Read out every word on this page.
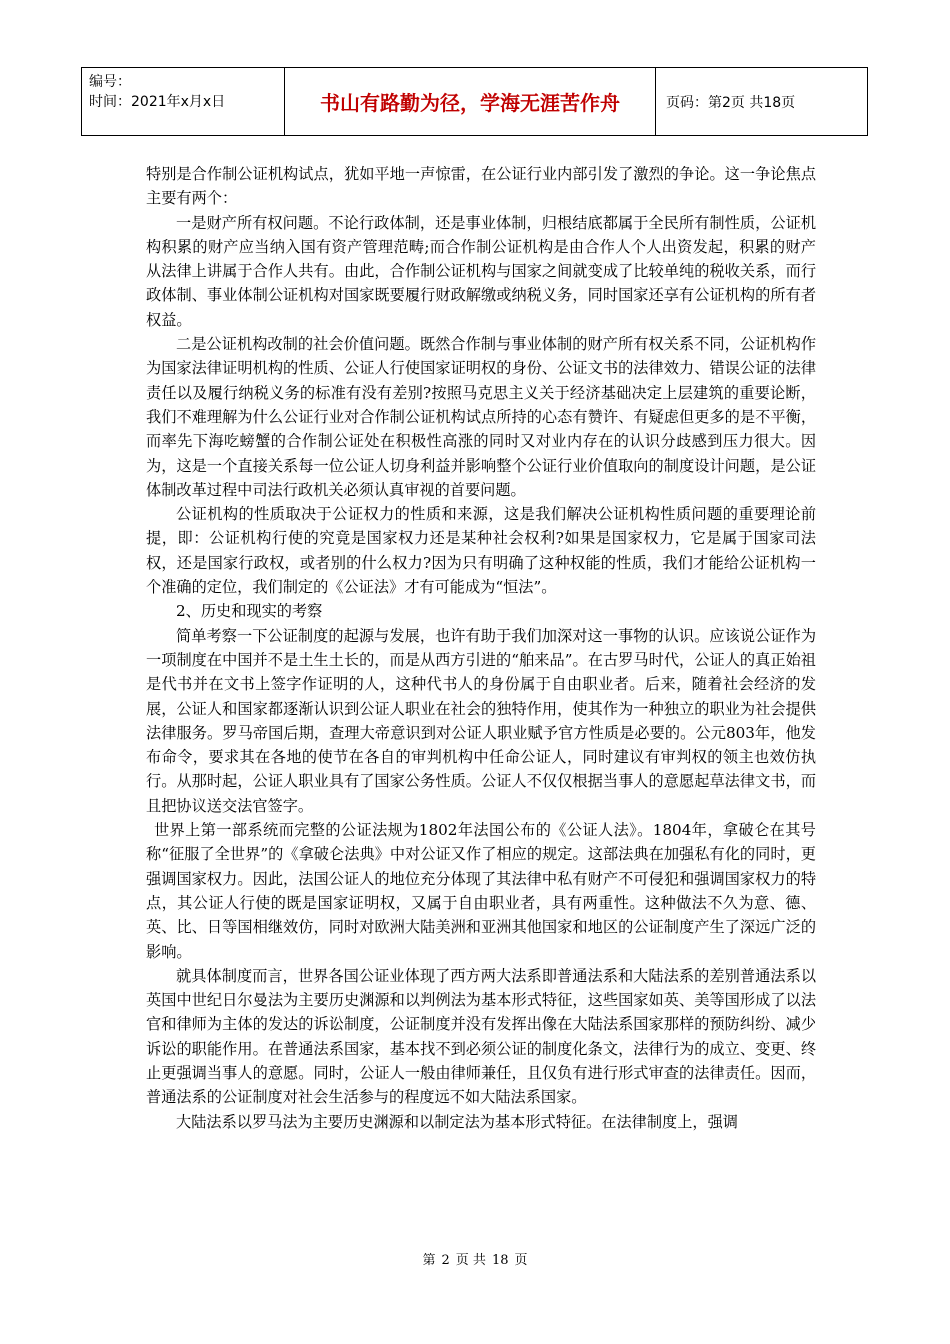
编号：
时间：2021年x月x日	书山有路勤为径，学海无涯苦作舟	页码：第2页 共18页

特别是合作制公证机构试点，犹如平地一声惊雷，在公证行业内部引发了激烈的争论。这一争论焦点主要有两个：

一是财产所有权问题。不论行政体制，还是事业体制，归根结底都属于全民所有制性质，公证机构积累的财产应当纳入国有资产管理范畴;而合作制公证机构是由合作人个人出资发起，积累的财产从法律上讲属于合作人共有。由此，合作制公证机构与国家之间就变成了比较单纯的税收关系，而行政体制、事业体制公证机构对国家既要履行财政解缴或纳税义务，同时国家还享有公证机构的所有者权益。

二是公证机构改制的社会价值问题。既然合作制与事业体制的财产所有权关系不同，公证机构作为国家法律证明机构的性质、公证人行使国家证明权的身份、公证文书的法律效力、错误公证的法律责任以及履行纳税义务的标准有没有差别?按照马克思主义关于经济基础决定上层建筑的重要论断，我们不难理解为什么公证行业对合作制公证机构试点所持的心态有赞许、有疑虑但更多的是不平衡，而率先下海吃螃蟹的合作制公证处在积极性高涨的同时又对业内存在的认识分歧感到压力很大。因为，这是一个直接关系每一位公证人切身利益并影响整个公证行业价值取向的制度设计问题，是公证体制改革过程中司法行政机关必须认真审视的首要问题。

公证机构的性质取决于公证权力的性质和来源，这是我们解决公证机构性质问题的重要理论前提，即：公证机构行使的究竟是国家权力还是某种社会权利?如果是国家权力，它是属于国家司法权，还是国家行政权，或者别的什么权力?因为只有明确了这种权能的性质，我们才能给公证机构一个准确的定位，我们制定的《公证法》才有可能成为“恒法”。

2、历史和现实的考察

简单考察一下公证制度的起源与发展，也许有助于我们加深对这一事物的认识。应该说公证作为一项制度在中国并不是土生土长的，而是从西方引进的“舶来品”。在古罗马时代，公证人的真正始祖是代书并在文书上签字作证明的人，这种代书人的身份属于自由职业者。后来，随着社会经济的发展，公证人和国家都逐渐认识到公证人职业在社会的独特作用，使其作为一种独立的职业为社会提供法律服务。罗马帝国后期，查理大帝意识到对公证人职业赋予官方性质是必要的。公元803年，他发布命令，要求其在各地的使节在各自的审判机构中任命公证人，同时建议有审判权的领主也效仿执行。从那时起，公证人职业具有了国家公务性质。公证人不仅仅根据当事人的意愿起草法律文书，而且把协议送交法官签字。

世界上第一部系统而完整的公证法规为1802年法国公布的《公证人法》。1804年，拿破仑在其号称“征服了全世界”的《拿破仑法典》中对公证又作了相应的规定。这部法典在加强私有化的同时，更强调国家权力。因此，法国公证人的地位充分体现了其法律中私有财产不可侵犯和强调国家权力的特点，其公证人行使的既是国家证明权，又属于自由职业者，具有两重性。这种做法不久为意、德、英、比、日等国相继效仿，同时对欧洲大陆美洲和亚洲其他国家和地区的公证制度产生了深远广泛的影响。

就具体制度而言，世界各国公证业体现了西方两大法系即普通法系和大陆法系的差别普通法系以英国中世纪日尔曼法为主要历史渊源和以判例法为基本形式特征，这些国家如英、美等国形成了以法官和律师为主体的发达的诉讼制度，公证制度并没有发挥出像在大陆法系国家那样的预防纠纷、减少诉讼的职能作用。在普通法系国家，基本找不到必须公证的制度化条文，法律行为的成立、变更、终止更强调当事人的意愿。同时，公证人一般由律师兼任，且仅负有进行形式审查的法律责任。因而，普通法系的公证制度对社会生活参与的程度远不如大陆法系国家。

大陆法系以罗马法为主要历史渊源和以制定法为基本形式特征。在法律制度上，强调

第 2 页 共 18 页
